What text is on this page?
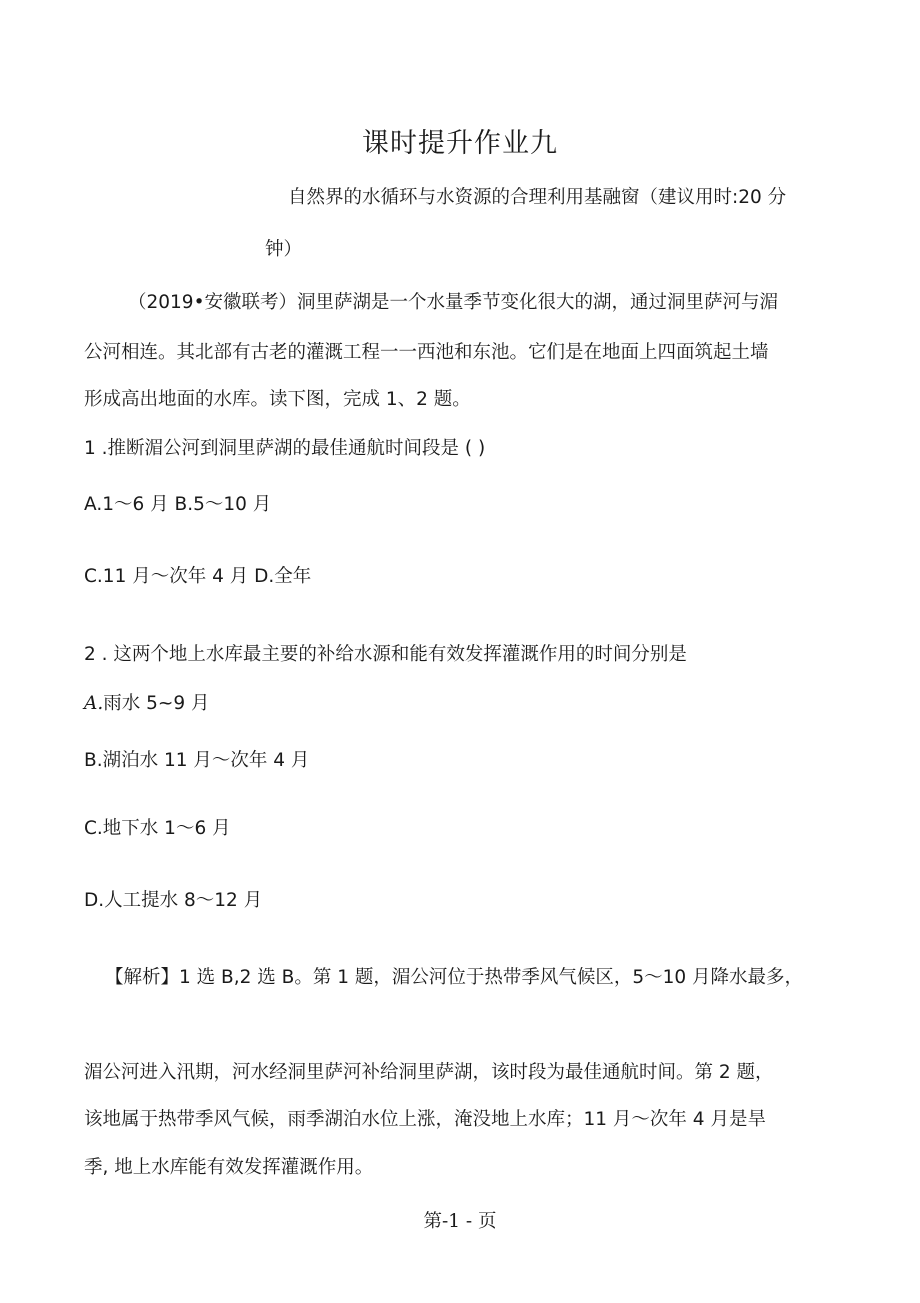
课时提升作业九
自然界的水循环与水资源的合理利用基融窗（建议用时:20 分
钟）
（2019•安徽联考）洞里萨湖是一个水量季节变化很大的湖，通过洞里萨河与湄
公河相连。其北部有古老的灌溉工程一一西池和东池。它们是在地面上四面筑起土墙
形成高出地面的水库。读下图，完成 1、2 题。
1 .推断湄公河到洞里萨湖的最佳通航时间段是 ( )
A.1〜6 月 B.5〜10 月
C.11 月〜次年 4 月 D.全年
2 . 这两个地上水库最主要的补给水源和能有效发挥灌溉作用的时间分别是
A.雨水 5~9 月
B.湖泊水 11 月〜次年 4 月
C.地下水 1〜6 月
D.人工提水 8〜12 月
【解析】1 选 B,2 选 B。第 1 题，湄公河位于热带季风气候区，5〜10 月降水最多，
湄公河进入汛期，河水经洞里萨河补给洞里萨湖，该时段为最佳通航时间。第 2 题，
该地属于热带季风气候，雨季湖泊水位上涨，淹没地上水库；11 月〜次年 4 月是旱
季, 地上水库能有效发挥灌溉作用。
第-1 - 页
